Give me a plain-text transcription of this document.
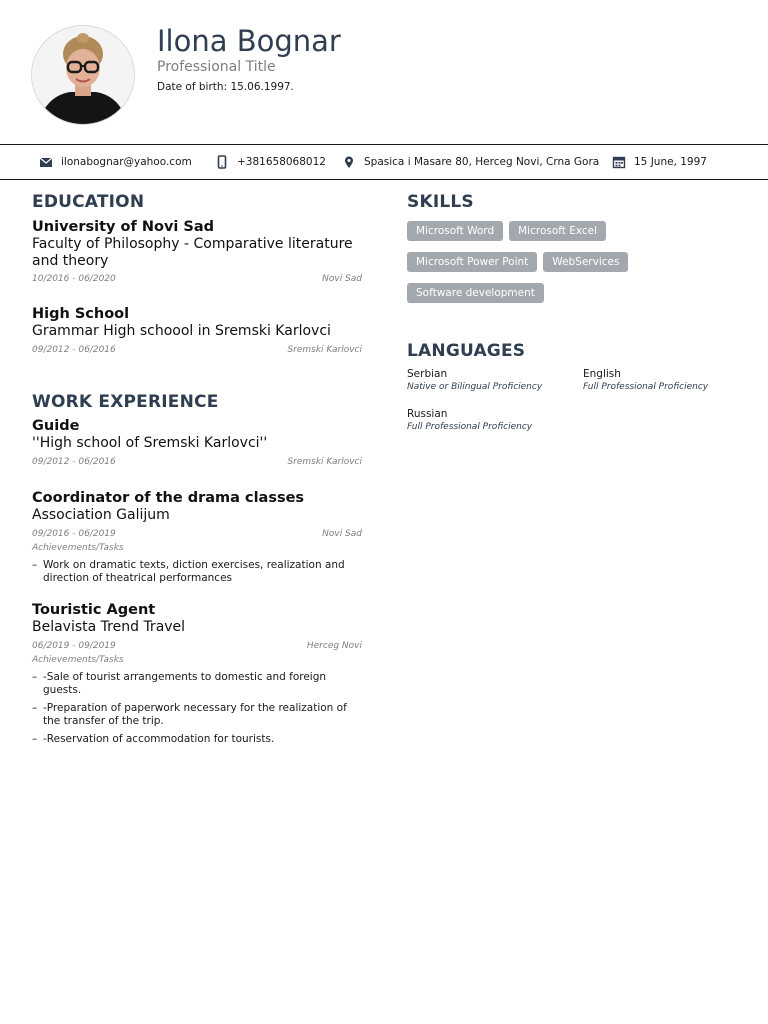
Ilona Bognar
Professional Title
Date of birth: 15.06.1997.
ilonabognar@yahoo.com	+381658068012	Spasica i Masare 80, Herceg Novi, Crna Gora	15 June, 1997
EDUCATION
University of Novi Sad
Faculty of Philosophy - Comparative literature and theory
10/2016 - 06/2020	Novi Sad
High School
Grammar High schoool in Sremski Karlovci
09/2012 - 06/2016	Sremski Karlovci
WORK EXPERIENCE
Guide
''High school of Sremski Karlovci''
09/2012 - 06/2016	Sremski Karlovci
Coordinator of the drama classes
Association Galijum
09/2016 - 06/2019	Novi Sad
Achievements/Tasks
– Work on dramatic texts, diction exercises, realization and direction of theatrical performances
Touristic Agent
Belavista Trend Travel
06/2019 - 09/2019	Herceg Novi
Achievements/Tasks
– -Sale of tourist arrangements to domestic and foreign guests.
– -Preparation of paperwork necessary for the realization of the transfer of the trip.
– -Reservation of accommodation for tourists.
SKILLS
Microsoft Word	Microsoft Excel
Microsoft Power Point	WebServices
Software development
LANGUAGES
Serbian
Native or Bilingual Proficiency
English
Full Professional Proficiency
Russian
Full Professional Proficiency
